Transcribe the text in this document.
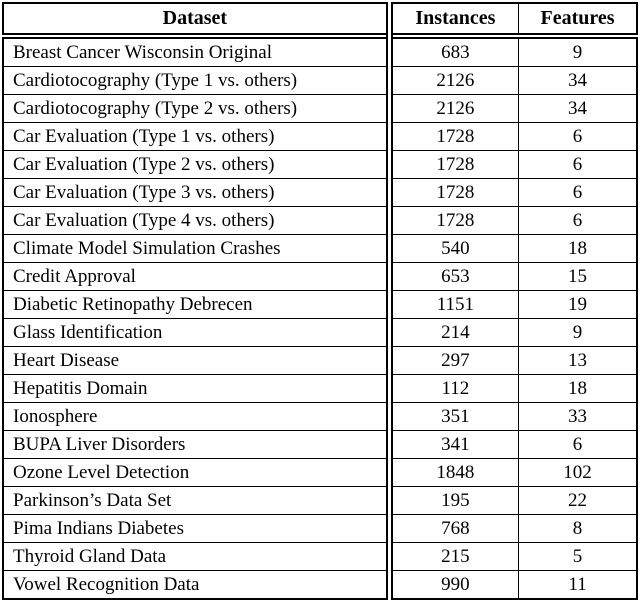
Dataset	Instances	Features
Breast Cancer Wisconsin Original	683	9
Cardiotocography (Type 1 vs. others)	2126	34
Cardiotocography (Type 2 vs. others)	2126	34
Car Evaluation (Type 1 vs. others)	1728	6
Car Evaluation (Type 2 vs. others)	1728	6
Car Evaluation (Type 3 vs. others)	1728	6
Car Evaluation (Type 4 vs. others)	1728	6
Climate Model Simulation Crashes	540	18
Credit Approval	653	15
Diabetic Retinopathy Debrecen	1151	19
Glass Identification	214	9
Heart Disease	297	13
Hepatitis Domain	112	18
Ionosphere	351	33
BUPA Liver Disorders	341	6
Ozone Level Detection	1848	102
Parkinson’s Data Set	195	22
Pima Indians Diabetes	768	8
Thyroid Gland Data	215	5
Vowel Recognition Data	990	11
